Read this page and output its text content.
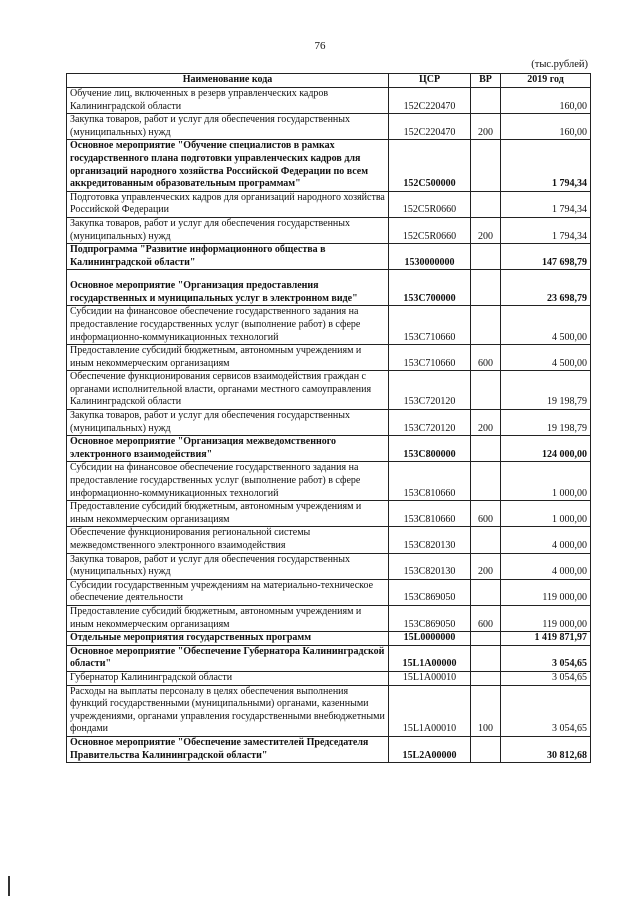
76
(тыс.рублей)
Наименование кода	ЦСР	ВР	2019 год
Обучение лиц, включенных в резерв управленческих кадров Калининградской области	152C220470		160,00
Закупка товаров, работ и услуг для обеспечения государственных (муниципальных) нужд	152C220470	200	160,00
Основное мероприятие "Обучение специалистов в рамках государственного плана подготовки управленческих кадров для организаций народного хозяйства Российской Федерации по всем аккредитованным образовательным программам"	152C500000		1 794,34
Подготовка управленческих кадров для организаций народного хозяйства Российской Федерации	152C5R0660		1 794,34
Закупка товаров, работ и услуг для обеспечения государственных (муниципальных) нужд	152C5R0660	200	1 794,34
Подпрограмма "Развитие информационного общества в Калининградской области"	1530000000		147 698,79
Основное мероприятие "Организация предоставления государственных и муниципальных услуг в электронном виде"	153C700000		23 698,79
Субсидии на финансовое обеспечение государственного задания на предоставление государственных услуг (выполнение работ) в сфере информационно-коммуникационных технологий	153C710660		4 500,00
Предоставление субсидий бюджетным, автономным учреждениям и иным некоммерческим организациям	153C710660	600	4 500,00
Обеспечение функционирования сервисов взаимодействия граждан с органами исполнительной власти, органами местного самоуправления Калининградской области	153C720120		19 198,79
Закупка товаров, работ и услуг для обеспечения государственных (муниципальных) нужд	153C720120	200	19 198,79
Основное мероприятие "Организация межведомственного электронного взаимодействия"	153C800000		124 000,00
Субсидии на финансовое обеспечение государственного задания на предоставление государственных услуг (выполнение работ) в сфере информационно-коммуникационных технологий	153C810660		1 000,00
Предоставление субсидий бюджетным, автономным учреждениям и иным некоммерческим организациям	153C810660	600	1 000,00
Обеспечение функционирования региональной системы межведомственного электронного взаимодействия	153C820130		4 000,00
Закупка товаров, работ и услуг для обеспечения государственных (муниципальных) нужд	153C820130	200	4 000,00
Субсидии государственным учреждениям на материально-техническое обеспечение деятельности	153C869050		119 000,00
Предоставление субсидий бюджетным, автономным учреждениям и иным некоммерческим организациям	153C869050	600	119 000,00
Отдельные мероприятия государственных программ	15L0000000		1 419 871,97
Основное мероприятие "Обеспечение Губернатора Калининградской области"	15L1A00000		3 054,65
Губернатор Калининградской области	15L1A00010		3 054,65
Расходы на выплаты персоналу в целях обеспечения выполнения функций государственными (муниципальными) органами, казенными учреждениями, органами управления государственными внебюджетными фондами	15L1A00010	100	3 054,65
Основное мероприятие "Обеспечение заместителей Председателя Правительства Калининградской области"	15L2A00000		30 812,68
